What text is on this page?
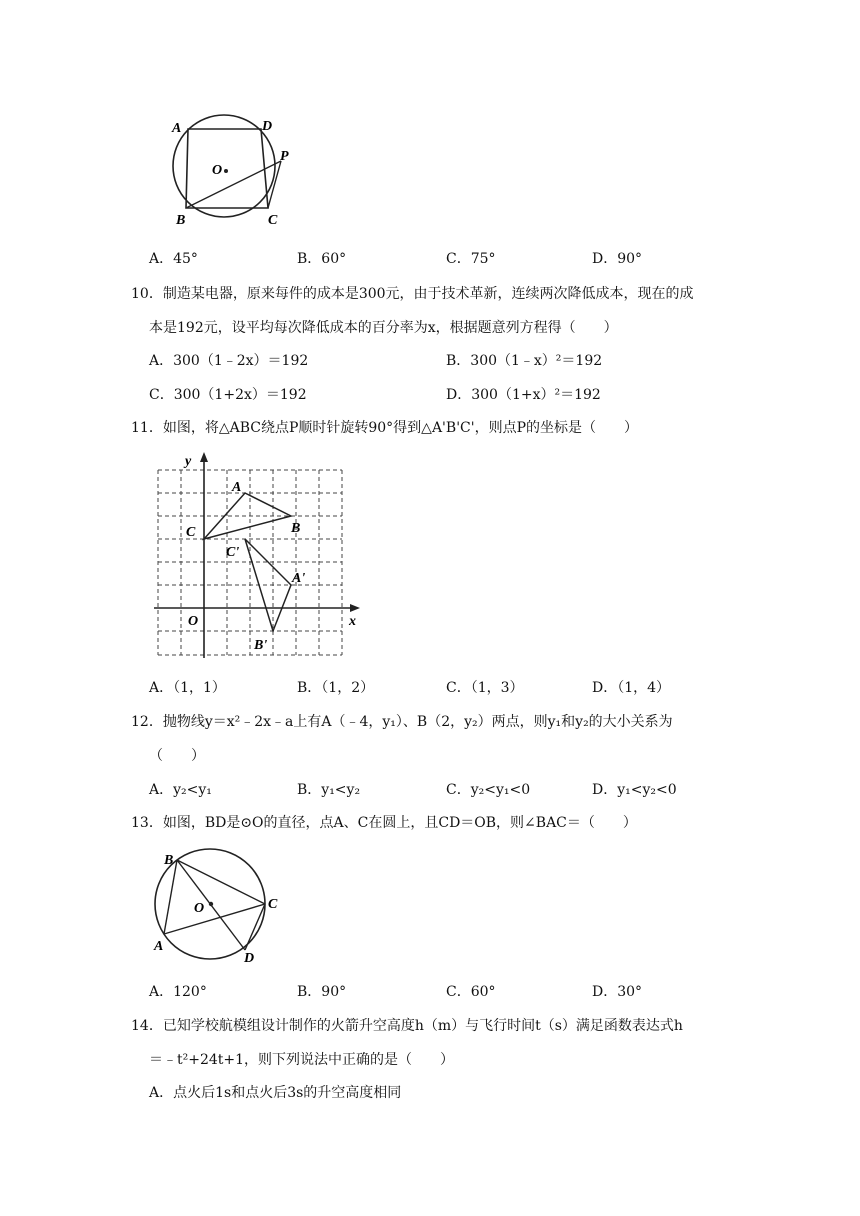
A	D
O
P
B	C
A．45°	B．60°	C．75°	D．90°
10．制造某电器，原来每件的成本是300元，由于技术革新，连续两次降低成本，现在的成
本是192元，设平均每次降低成本的百分率为x，根据题意列方程得（　　）
A．300（1﹣2x）＝192	B．300（1﹣x）²＝192
C．300（1+2x）＝192	D．300（1+x）²＝192
11．如图，将△ABC绕点P顺时针旋转90°得到△A'B'C'，则点P的坐标是（　　）
y
x
O
A
B
C
C'
A'
B'
A．（1，1）	B．（1，2）	C．（1，3）	D．（1，4）
12．抛物线y＝x²﹣2x﹣a上有A（﹣4，y₁）、B（2，y₂）两点，则y₁和y₂的大小关系为
（　　）
A．y₂<y₁	B．y₁<y₂	C．y₂<y₁<0	D．y₁<y₂<0
13．如图，BD是⊙O的直径，点A、C在圆上，且CD＝OB，则∠BAC＝（　　）
B
O	C
A
D
A．120°	B．90°	C．60°	D．30°
14．已知学校航模组设计制作的火箭升空高度h（m）与飞行时间t（s）满足函数表达式h
＝﹣t²+24t+1，则下列说法中正确的是（　　）
A．点火后1s和点火后3s的升空高度相同
